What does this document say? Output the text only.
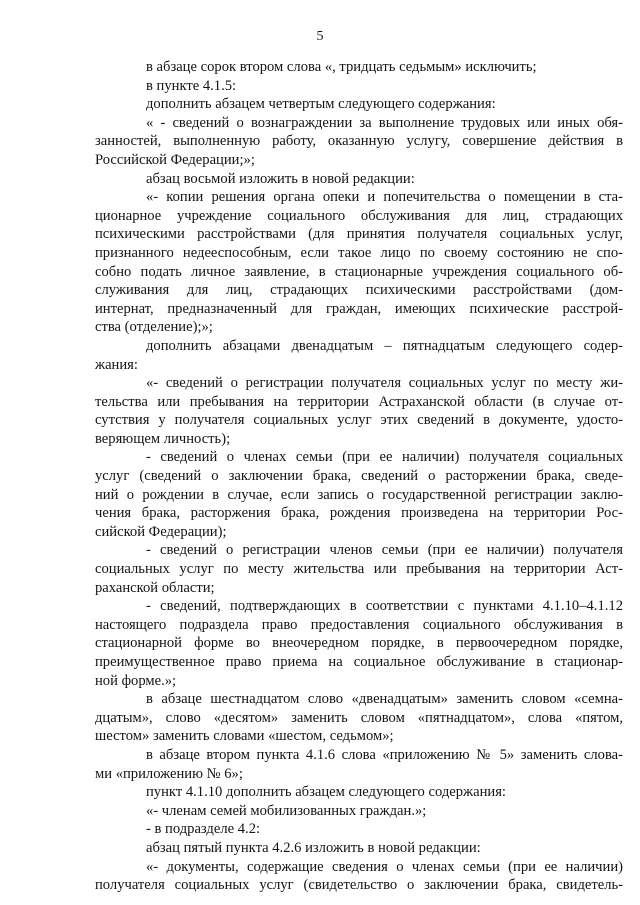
5
в абзаце сорок втором слова «, тридцать седьмым» исключить;
в пункте 4.1.5:
дополнить абзацем четвертым следующего содержания:
« - сведений о вознаграждении за выполнение трудовых или иных обя-
занностей, выполненную работу, оказанную услугу, совершение действия в
Российской Федерации;»;
абзац восьмой изложить в новой редакции:
«- копии решения органа опеки и попечительства о помещении в ста-
ционарное учреждение социального обслуживания для лиц, страдающих
психическими расстройствами (для принятия получателя социальных услуг,
признанного недееспособным, если такое лицо по своему состоянию не спо-
собно подать личное заявление, в стационарные учреждения социального об-
служивания для лиц, страдающих психическими расстройствами (дом-
интернат, предназначенный для граждан, имеющих психические расстрой-
ства (отделение);»;
дополнить абзацами двенадцатым – пятнадцатым следующего содер-
жания:
«- сведений о регистрации получателя социальных услуг по месту жи-
тельства или пребывания на территории Астраханской области (в случае от-
сутствия у получателя социальных услуг этих сведений в документе, удосто-
веряющем личность);
- сведений о членах семьи (при ее наличии) получателя социальных
услуг (сведений о заключении брака, сведений о расторжении брака, сведе-
ний о рождении в случае, если запись о государственной регистрации заклю-
чения брака, расторжения брака, рождения произведена на территории Рос-
сийской Федерации);
- сведений о регистрации членов семьи (при ее наличии) получателя
социальных услуг по месту жительства или пребывания на территории Аст-
раханской области;
- сведений, подтверждающих в соответствии с пунктами 4.1.10–4.1.12
настоящего подраздела право предоставления социального обслуживания в
стационарной форме во внеочередном порядке, в первоочередном порядке,
преимущественное право приема на социальное обслуживание в стационар-
ной форме.»;
в абзаце шестнадцатом слово «двенадцатым» заменить словом «семна-
дцатым», слово «десятом» заменить словом «пятнадцатом», слова «пятом,
шестом» заменить словами «шестом, седьмом»;
в абзаце втором пункта 4.1.6 слова «приложению № 5» заменить слова-
ми «приложению № 6»;
пункт 4.1.10 дополнить абзацем следующего содержания:
«- членам семей мобилизованных граждан.»;
- в подразделе 4.2:
абзац пятый пункта 4.2.6 изложить в новой редакции:
«- документы, содержащие сведения о членах семьи (при ее наличии)
получателя социальных услуг (свидетельство о заключении брака, свидетель-
